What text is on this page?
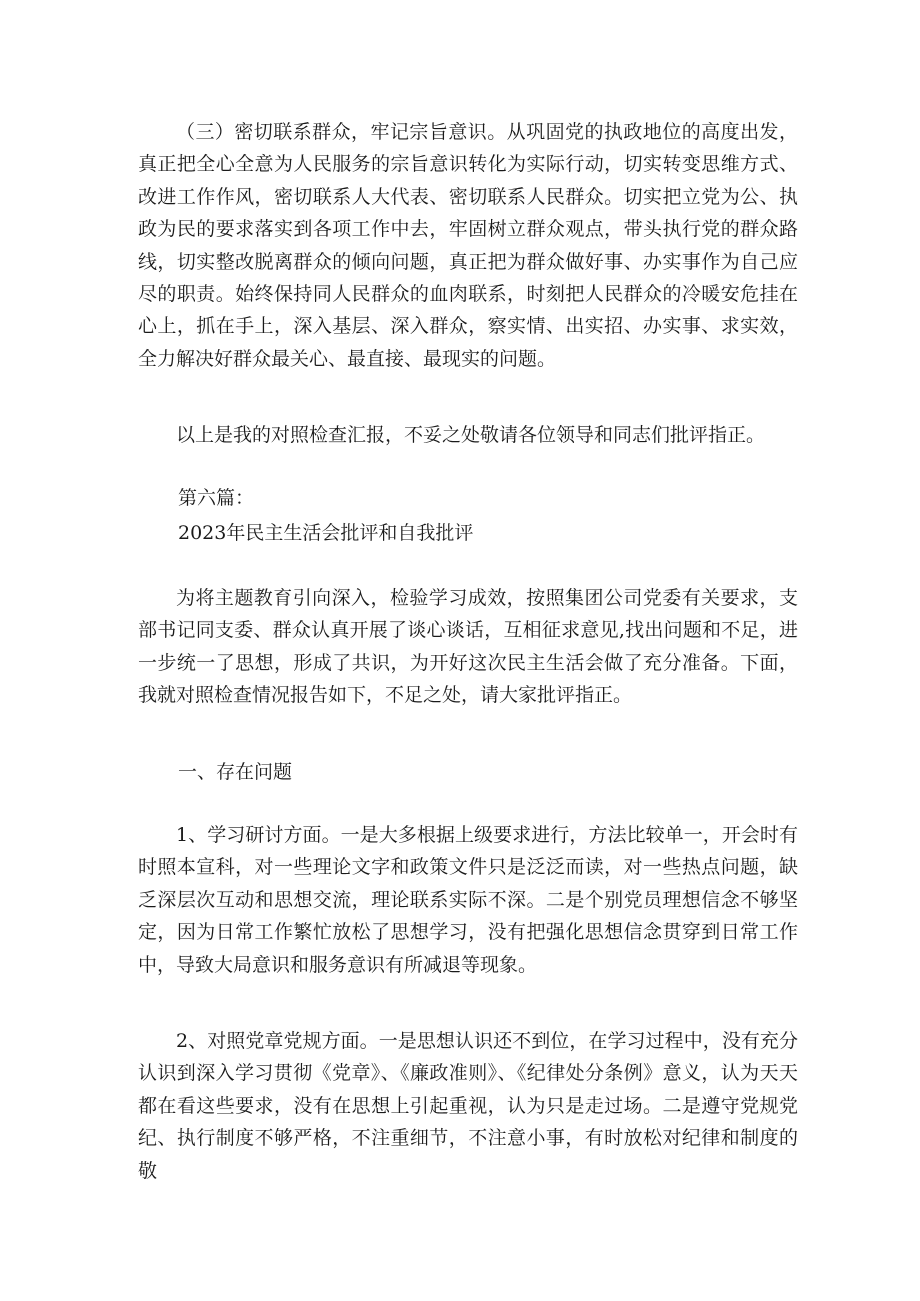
（三）密切联系群众，牢记宗旨意识。从巩固党的执政地位的高度出发，真正把全心全意为人民服务的宗旨意识转化为实际行动，切实转变思维方式、改进工作作风，密切联系人大代表、密切联系人民群众。切实把立党为公、执政为民的要求落实到各项工作中去，牢固树立群众观点，带头执行党的群众路线，切实整改脱离群众的倾向问题，真正把为群众做好事、办实事作为自己应尽的职责。始终保持同人民群众的血肉联系，时刻把人民群众的冷暖安危挂在心上，抓在手上，深入基层、深入群众，察实情、出实招、办实事、求实效，全力解决好群众最关心、最直接、最现实的问题。

以上是我的对照检查汇报，不妥之处敬请各位领导和同志们批评指正。

第六篇：

2023年民主生活会批评和自我批评

为将主题教育引向深入，检验学习成效，按照集团公司党委有关要求，支部书记同支委、群众认真开展了谈心谈话，互相征求意见,找出问题和不足，进一步统一了思想，形成了共识，为开好这次民主生活会做了充分准备。下面，我就对照检查情况报告如下，不足之处，请大家批评指正。

一、存在问题

1、学习研讨方面。一是大多根据上级要求进行，方法比较单一，开会时有时照本宣科，对一些理论文字和政策文件只是泛泛而读，对一些热点问题，缺乏深层次互动和思想交流，理论联系实际不深。二是个别党员理想信念不够坚定，因为日常工作繁忙放松了思想学习，没有把强化思想信念贯穿到日常工作中，导致大局意识和服务意识有所减退等现象。

2、对照党章党规方面。一是思想认识还不到位，在学习过程中，没有充分认识到深入学习贯彻《党章》、《廉政准则》、《纪律处分条例》意义，认为天天都在看这些要求，没有在思想上引起重视，认为只是走过场。二是遵守党规党纪、执行制度不够严格，不注重细节，不注意小事，有时放松对纪律和制度的敬
